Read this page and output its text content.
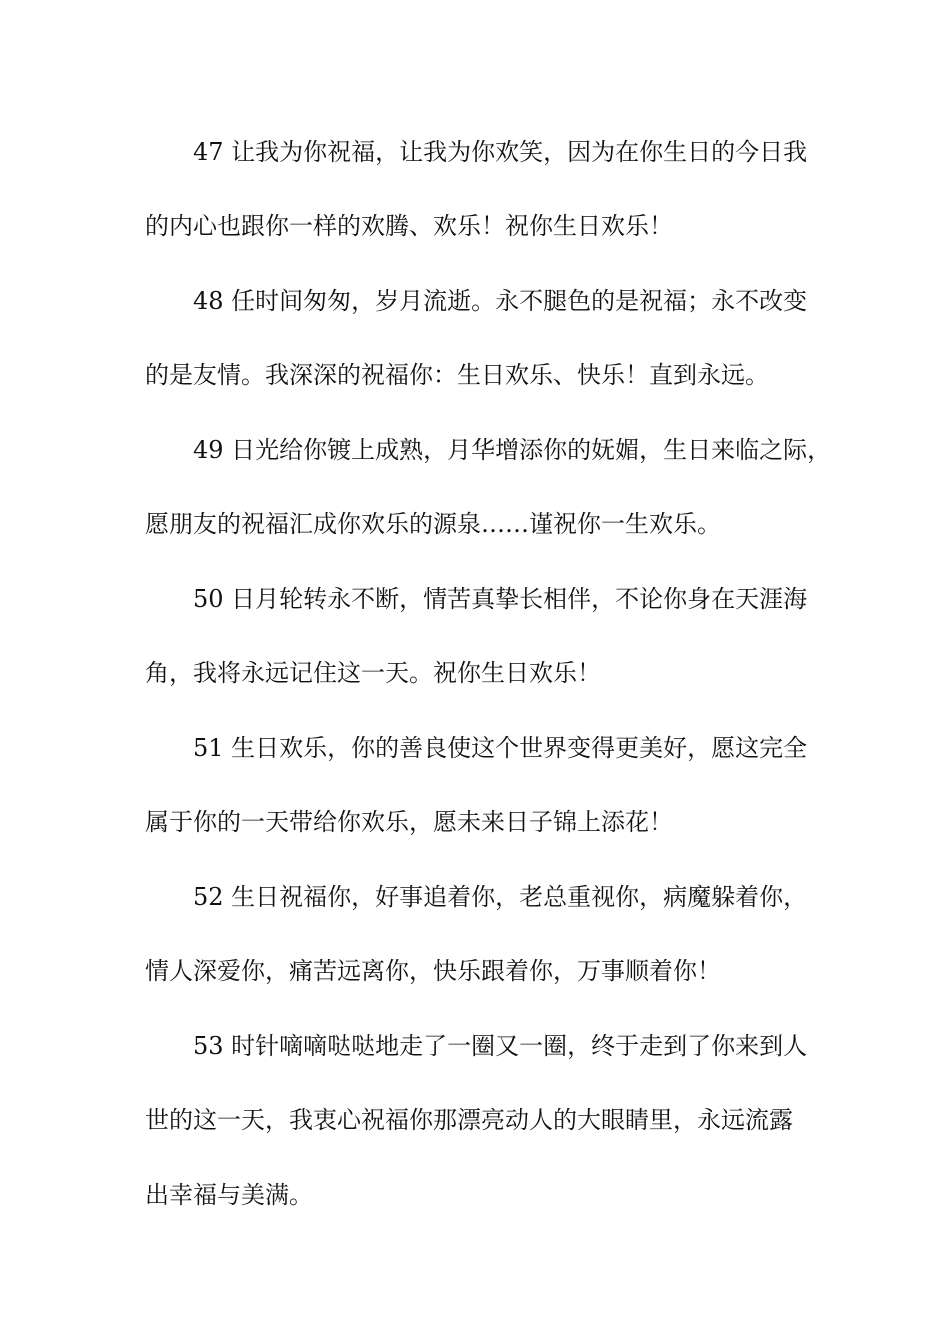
47 让我为你祝福，让我为你欢笑，因为在你生日的今日我

的内心也跟你一样的欢腾、欢乐！祝你生日欢乐！

48 任时间匆匆，岁月流逝。永不腿色的是祝福；永不改变

的是友情。我深深的祝福你：生日欢乐、快乐！直到永远。

49 日光给你镀上成熟，月华增添你的妩媚，生日来临之际，

愿朋友的祝福汇成你欢乐的源泉……谨祝你一生欢乐。

50 日月轮转永不断，情苦真挚长相伴，不论你身在天涯海

角，我将永远记住这一天。祝你生日欢乐！

51 生日欢乐，你的善良使这个世界变得更美好，愿这完全

属于你的一天带给你欢乐，愿未来日子锦上添花！

52 生日祝福你，好事追着你，老总重视你，病魔躲着你，

情人深爱你，痛苦远离你，快乐跟着你，万事顺着你！

53 时针嘀嘀哒哒地走了一圈又一圈，终于走到了你来到人

世的这一天，我衷心祝福你那漂亮动人的大眼睛里，永远流露

出幸福与美满。
